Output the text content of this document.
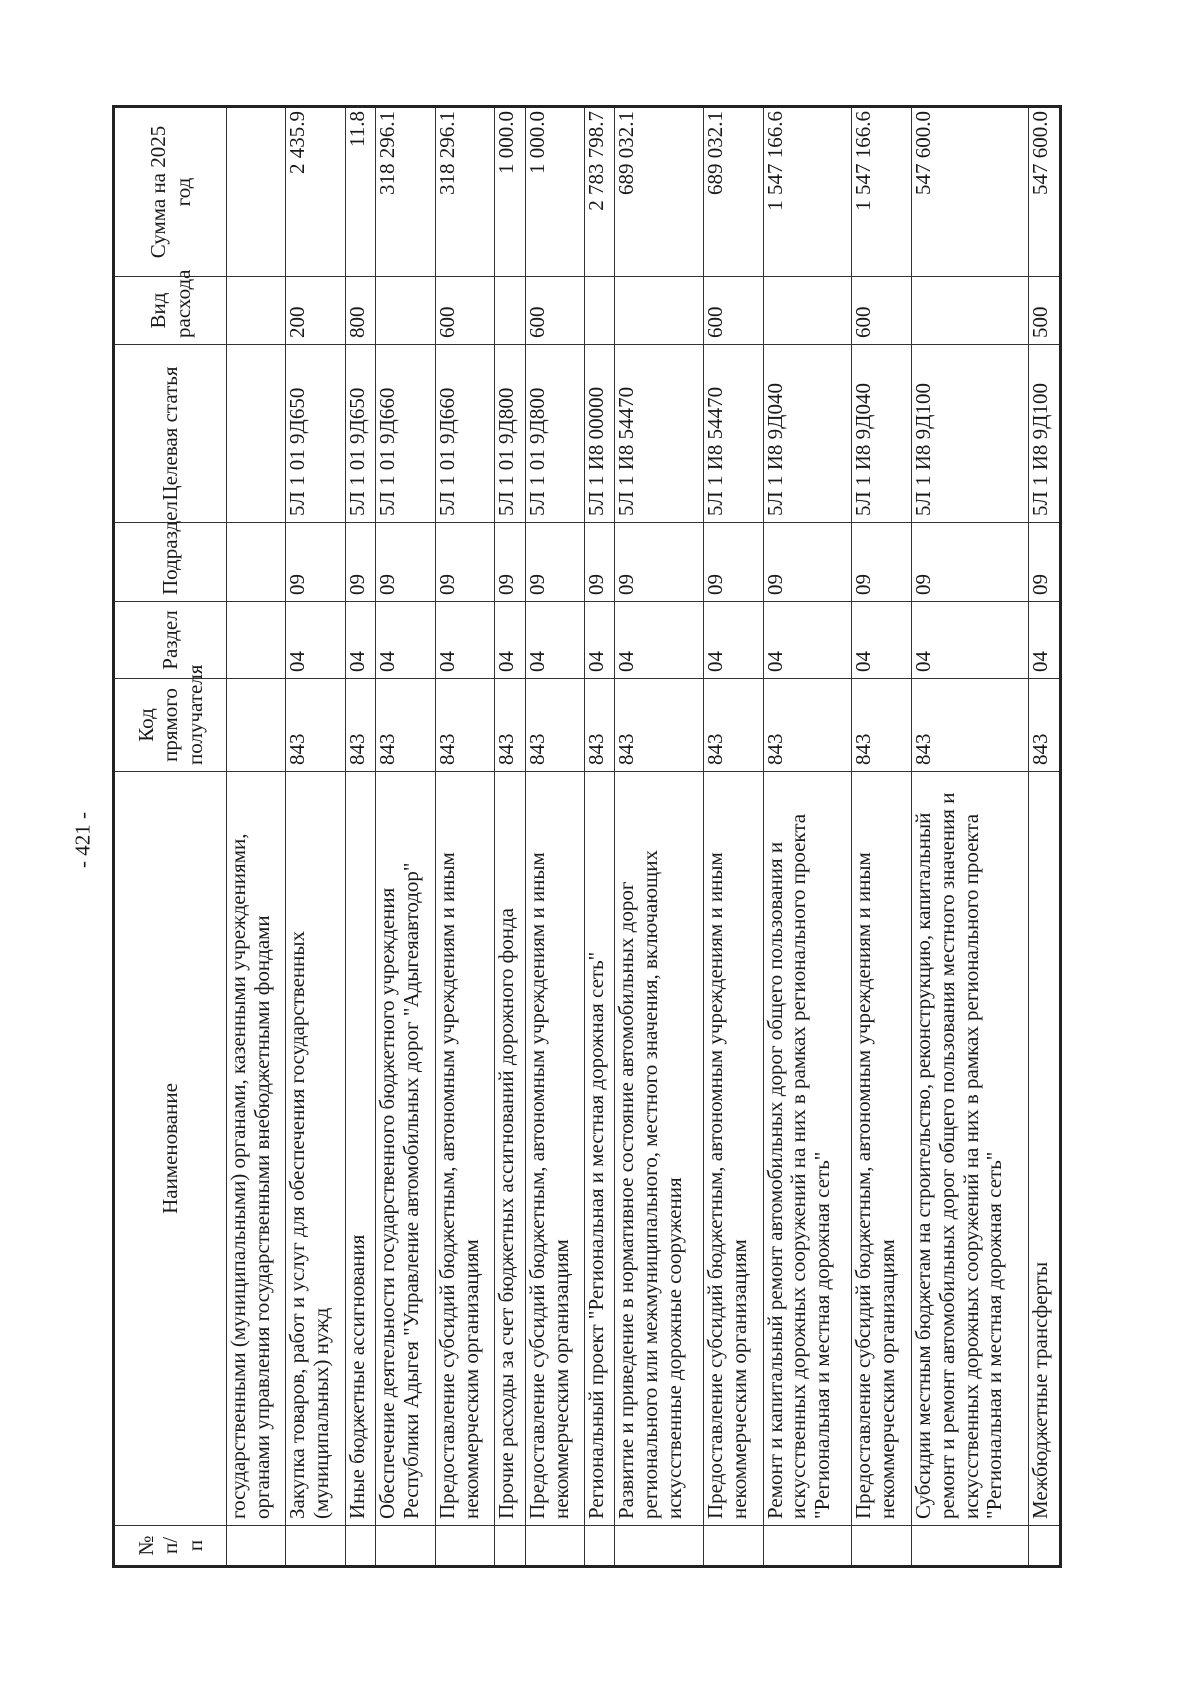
- 421 -
№ п/п	Наименование	Код прямого получателя	Раздел	Подраздел	Целевая статья	Вид расхода	Сумма на 2025 год
	государственными (муниципальными) органами, казенными учреждениями, органами управления государственными внебюджетными фондами						
	Закупка товаров, работ и услуг для обеспечения государственных (муниципальных) нужд	843	04	09	5Л 1 01 9Д650	200	2 435.9
	Иные бюджетные ассигнования	843	04	09	5Л 1 01 9Д650	800	11.8
	Обеспечение деятельности государственного бюджетного учреждения Республики Адыгея "Управление автомобильных дорог "Адыгеяавтодор"	843	04	09	5Л 1 01 9Д660		318 296.1
	Предоставление субсидий бюджетным, автономным учреждениям и иным некоммерческим организациям	843	04	09	5Л 1 01 9Д660	600	318 296.1
	Прочие расходы за счет бюджетных ассигнований дорожного фонда	843	04	09	5Л 1 01 9Д800		1 000.0
	Предоставление субсидий бюджетным, автономным учреждениям и иным некоммерческим организациям	843	04	09	5Л 1 01 9Д800	600	1 000.0
	Региональный проект "Региональная и местная дорожная сеть"	843	04	09	5Л 1 И8 00000		2 783 798.7
	Развитие и приведение в нормативное состояние автомобильных дорог регионального или межмуниципального, местного значения, включающих искусственные дорожные сооружения	843	04	09	5Л 1 И8 54470		689 032.1
	Предоставление субсидий бюджетным, автономным учреждениям и иным некоммерческим организациям	843	04	09	5Л 1 И8 54470	600	689 032.1
	Ремонт и капитальный ремонт автомобильных дорог общего пользования и искусственных дорожных сооружений на них в рамках регионального проекта "Региональная и местная дорожная сеть"	843	04	09	5Л 1 И8 9Д040		1 547 166.6
	Предоставление субсидий бюджетным, автономным учреждениям и иным некоммерческим организациям	843	04	09	5Л 1 И8 9Д040	600	1 547 166.6
	Субсидии местным бюджетам на строительство, реконструкцию, капитальный ремонт и ремонт автомобильных дорог общего пользования местного значения и искусственных дорожных сооружений на них в рамках регионального проекта "Региональная и местная дорожная сеть"	843	04	09	5Л 1 И8 9Д100		547 600.0
	Межбюджетные трансферты	843	04	09	5Л 1 И8 9Д100	500	547 600.0
